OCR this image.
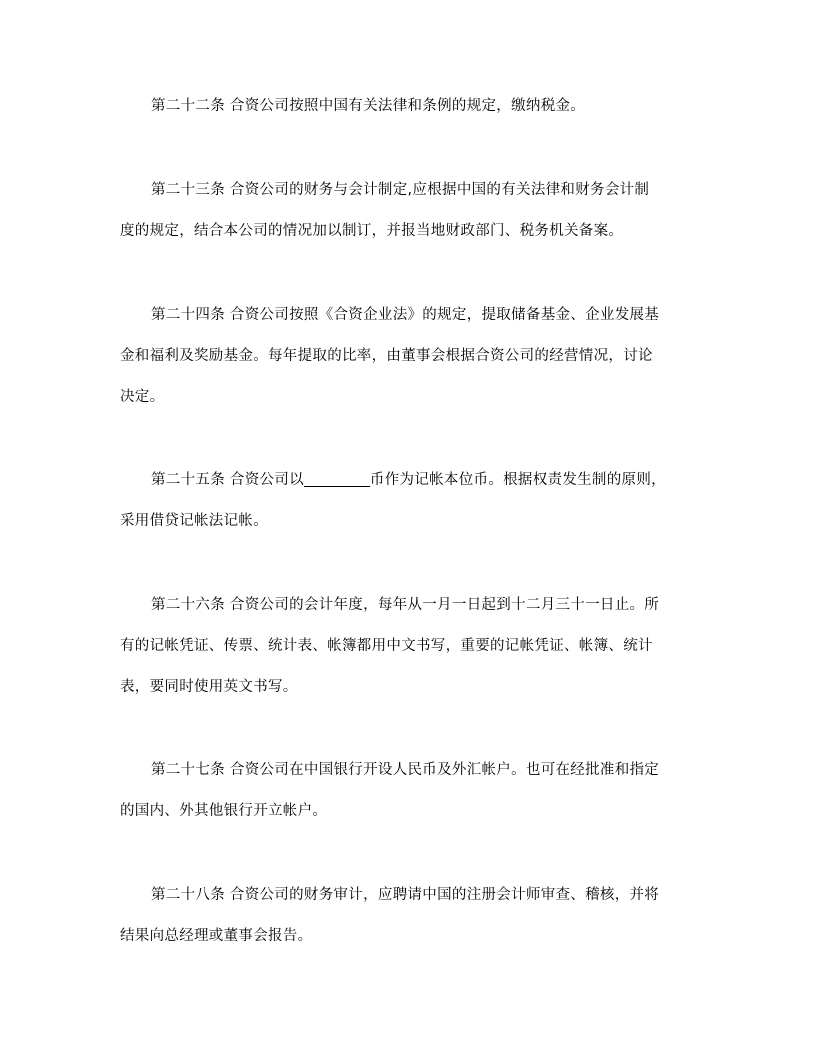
第二十二条 合资公司按照中国有关法律和条例的规定，缴纳税金。

第二十三条 合资公司的财务与会计制定,应根据中国的有关法律和财务会计制
度的规定，结合本公司的情况加以制订，并报当地财政部门、税务机关备案。

第二十四条 合资公司按照《合资企业法》的规定，提取储备基金、企业发展基
金和福利及奖励基金。每年提取的比率，由董事会根据合资公司的经营情况，讨论
决定。

第二十五条 合资公司以	币作为记帐本位币。根据权责发生制的原则，
采用借贷记帐法记帐。

第二十六条 合资公司的会计年度，每年从一月一日起到十二月三十一日止。所
有的记帐凭证、传票、统计表、帐簿都用中文书写，重要的记帐凭证、帐簿、统计
表，要同时使用英文书写。

第二十七条 合资公司在中国银行开设人民币及外汇帐户。也可在经批准和指定
的国内、外其他银行开立帐户。

第二十八条 合资公司的财务审计，应聘请中国的注册会计师审查、稽核，并将
结果向总经理或董事会报告。
